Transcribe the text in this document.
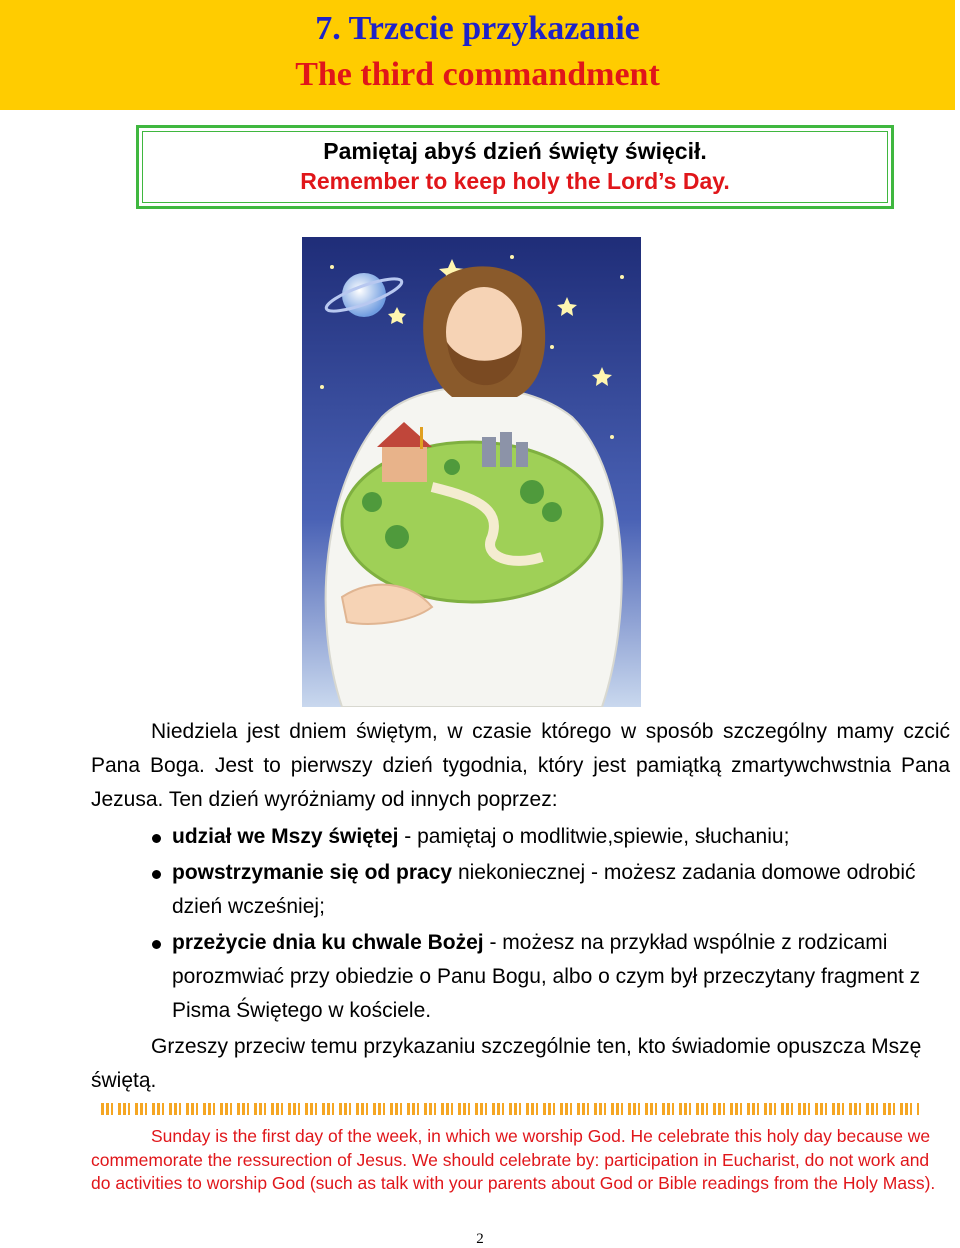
7. Trzecie przykazanie
The third commandment
Pamiętaj abyś dzień święty święcił.
Remember to keep holy the Lord’s Day.
Niedziela jest dniem świętym, w czasie którego w sposób szczególny mamy czcić Pana Boga. Jest to pierwszy dzień tygodnia, który jest pamiątką zmartywchwstnia Pana Jezusa. Ten dzień wyróżniamy od innych poprzez:
udział we Mszy świętej - pamiętaj o modlitwie,spiewie, słuchaniu;
powstrzymanie się od pracy niekoniecznej - możesz zadania domowe odrobić dzień wcześniej;
przeżycie dnia ku chwale Bożej - możesz na przykład wspólnie z rodzicami porozmwiać przy obiedzie o Panu Bogu, albo o czym był przeczytany fragment z Pisma Świętego w kościele.
Grzeszy przeciw temu przykazaniu szczególnie ten, kto świadomie opuszcza Mszę świętą.
Sunday is the first day of the week, in which we worship God. He celebrate this holy day because we commemorate the ressurection of Jesus. We should celebrate by: participation in Eucharist, do not work and do activities to worship God (such as talk with your parents about God or Bible readings from the Holy Mass).
2
